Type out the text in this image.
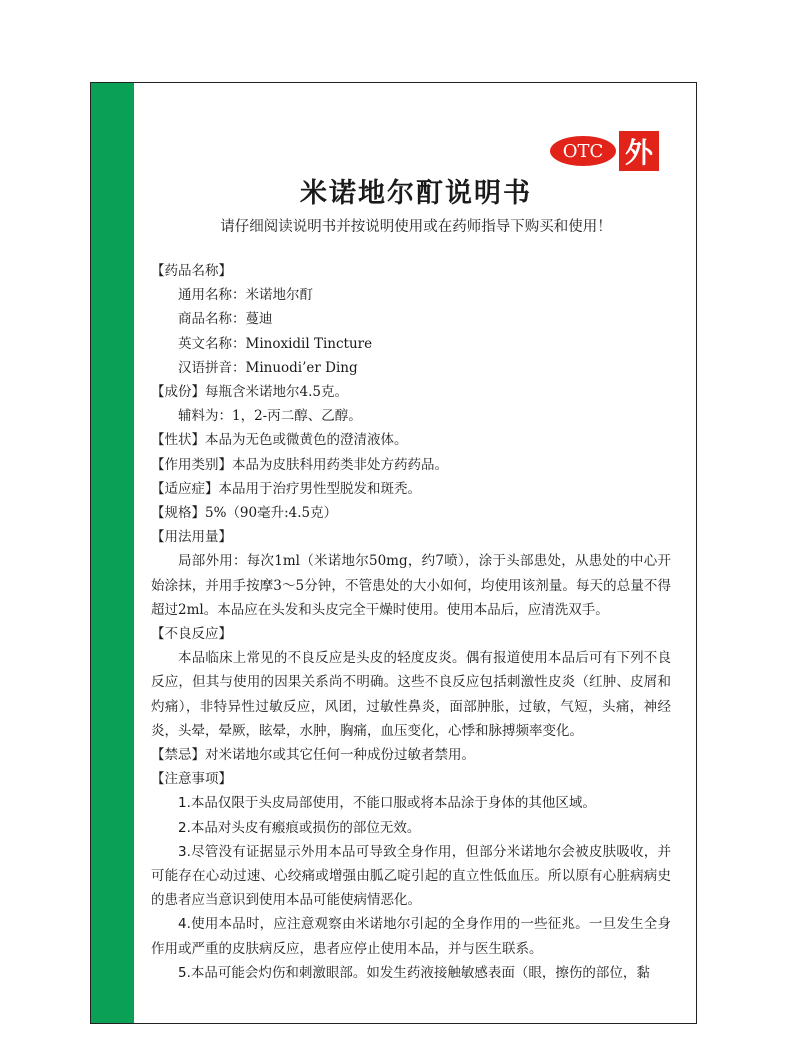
OTC 外
米诺地尔酊说明书
请仔细阅读说明书并按说明使用或在药师指导下购买和使用！
【药品名称】
通用名称：米诺地尔酊
商品名称：蔓迪
英文名称：Minoxidil Tincture
汉语拼音：Minuodi’er Ding
【成份】每瓶含米诺地尔4.5克。
辅料为：1，2-丙二醇、乙醇。
【性状】本品为无色或微黄色的澄清液体。
【作用类别】本品为皮肤科用药类非处方药药品。
【适应症】本品用于治疗男性型脱发和斑秃。
【规格】5%（90毫升:4.5克）
【用法用量】
局部外用：每次1ml（米诺地尔50mg，约7喷），涂于头部患处，从患处的中心开始涂抹，并用手按摩3～5分钟，不管患处的大小如何，均使用该剂量。每天的总量不得超过2ml。本品应在头发和头皮完全干燥时使用。使用本品后，应清洗双手。
【不良反应】
本品临床上常见的不良反应是头皮的轻度皮炎。偶有报道使用本品后可有下列不良反应，但其与使用的因果关系尚不明确。这些不良反应包括刺激性皮炎（红肿、皮屑和灼痛），非特异性过敏反应，风团，过敏性鼻炎，面部肿胀，过敏，气短，头痛，神经炎，头晕，晕厥，眩晕，水肿，胸痛，血压变化，心悸和脉搏频率变化。
【禁忌】对米诺地尔或其它任何一种成份过敏者禁用。
【注意事项】
1.本品仅限于头皮局部使用，不能口服或将本品涂于身体的其他区域。
2.本品对头皮有瘢痕或损伤的部位无效。
3.尽管没有证据显示外用本品可导致全身作用，但部分米诺地尔会被皮肤吸收，并可能存在心动过速、心绞痛或增强由胍乙啶引起的直立性低血压。所以原有心脏病病史的患者应当意识到使用本品可能使病情恶化。
4.使用本品时，应注意观察由米诺地尔引起的全身作用的一些征兆。一旦发生全身作用或严重的皮肤病反应，患者应停止使用本品，并与医生联系。
5.本品可能会灼伤和刺激眼部。如发生药液接触敏感表面（眼，擦伤的部位，黏
